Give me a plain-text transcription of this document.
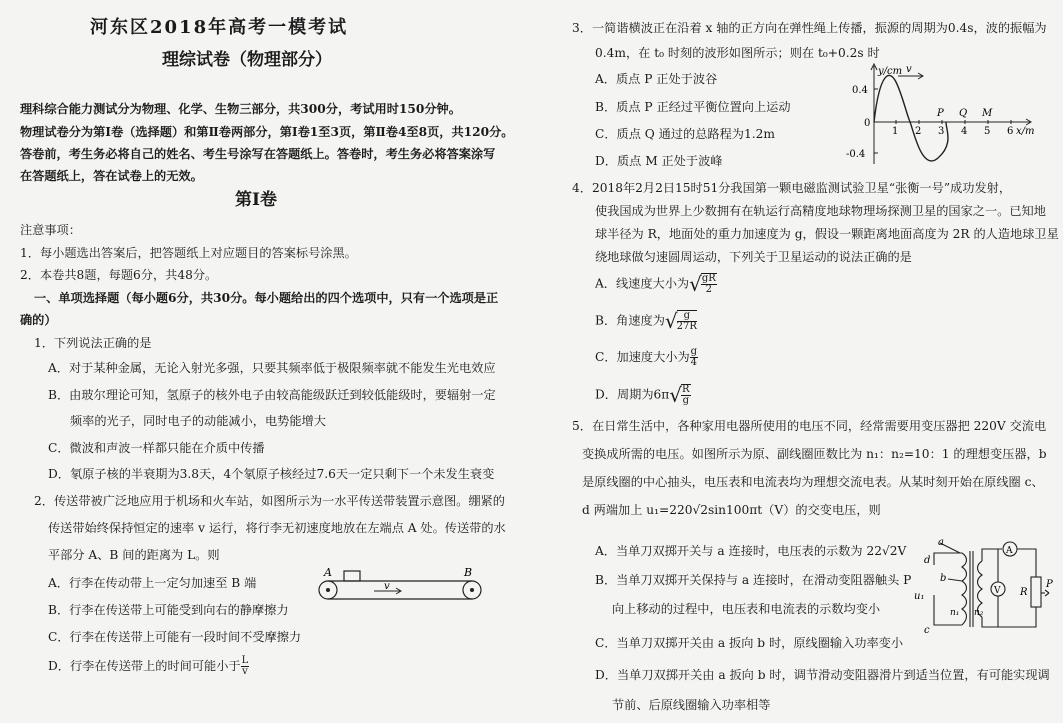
河东区2018年高考一模考试
理综试卷（物理部分）
理科综合能力测试分为物理、化学、生物三部分，共300分，考试用时150分钟。
物理试卷分为第Ⅰ卷（选择题）和第Ⅱ卷两部分，第Ⅰ卷1至3页，第Ⅱ卷4至8页，共120分。
答卷前，考生务必将自己的姓名、考生号涂写在答题纸上。答卷时，考生务必将答案涂写
在答题纸上，答在试卷上的无效。
第Ⅰ卷
注意事项：
1．每小题选出答案后，把答题纸上对应题目的答案标号涂黑。
2．本卷共8题，每题6分，共48分。
一、单项选择题（每小题6分，共30分。每小题给出的四个选项中，只有一个选项是正
确的）
1．下列说法正确的是
A．对于某种金属，无论入射光多强，只要其频率低于极限频率就不能发生光电效应
B．由玻尔理论可知，氢原子的核外电子由较高能级跃迁到较低能级时，要辐射一定
频率的光子，同时电子的动能减小，电势能增大
C．微波和声波一样都只能在介质中传播
D．氡原子核的半衰期为3.8天，4个氡原子核经过7.6天一定只剩下一个未发生衰变
2．传送带被广泛地应用于机场和火车站，如图所示为一水平传送带装置示意图。绷紧的
传送带始终保持恒定的速率 v 运行，将行李无初速度地放在左端点 A 处。传送带的水
平部分 A、B 间的距离为 L。则
A．行李在传动带上一定匀加速至 B 端
B．行李在传送带上可能受到向右的静摩擦力
C．行李在传送带上可能有一段时间不受摩擦力
D．行李在传送带上的时间可能小于 $\frac{L}{v}$
A	B
v
3．一简谐横波正在沿着 x 轴的正方向在弹性绳上传播，振源的周期为0.4s，波的振幅为
0.4m，在 t₀ 时刻的波形如图所示；则在 t₀+0.2s 时
A．质点 P 正处于波谷
B．质点 P 正经过平衡位置向上运动
C．质点 Q 通过的总路程为1.2m
D．质点 M 正处于波峰
v
y/cm
x/m
0.4
-0.4
0
1 2 3 4 5 6
P Q M
4．2018年2月2日15时51分我国第一颗电磁监测试验卫星“张衡一号”成功发射，
使我国成为世界上少数拥有在轨运行高精度地球物理场探测卫星的国家之一。已知地
球半径为 R，地面处的重力加速度为 g，假设一颗距离地面高度为 2R 的人造地球卫星
绕地球做匀速圆周运动，下列关于卫星运动的说法正确的是
A．线速度大小为√ $\frac{gR}{2}$
B．角速度为√ $\frac{g}{27R}$
C．加速度大小为 $\frac{g}{4}$
D．周期为$6\pi√ \frac{R}{g}$
5．在日常生活中，各种家用电器所使用的电压不同，经常需要用变压器把 220V 交流电
变换成所需的电压。如图所示为原、副线圈匝数比为 n₁：n₂=10：1 的理想变压器，b
是原线圈的中心抽头，电压表和电流表均为理想交流电表。从某时刻开始在原线圈 c、
d 两端加上 u₁=220√2sin100πt（V）的交变电压，则
A．当单刀双掷开关与 a 连接时，电压表的示数为 22√2V
B．当单刀双掷开关保持与 a 连接时，在滑动变阻器触头 P
向上移动的过程中，电压表和电流表的示数均变小
C．当单刀双掷开关由 a 扳向 b 时，原线圈输入功率变小
D．当单刀双掷开关由 a 扳向 b 时，调节滑动变阻器滑片到适当位置，有可能实现调
节前、后原线圈输入功率相等
a
b
d
c
u₁
n₁ n₂
A
V R
P
